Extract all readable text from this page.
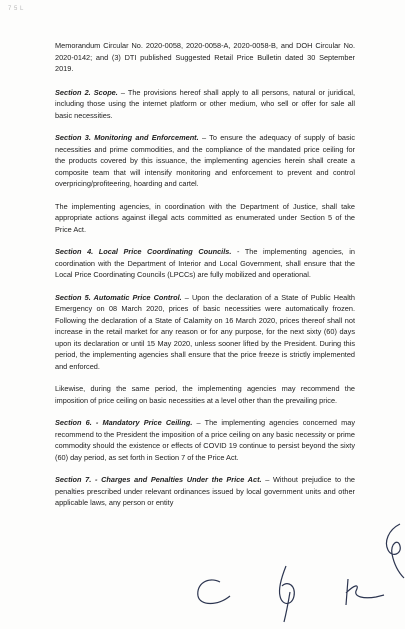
7 5 L

Memorandum Circular No. 2020-0058, 2020-0058-A, 2020-0058-B, and DOH Circular No. 2020-0142; and (3) DTI published Suggested Retail Price Bulletin dated 30 September 2019.

Section 2. Scope. – The provisions hereof shall apply to all persons, natural or juridical, including those using the internet platform or other medium, who sell or offer for sale all basic necessities.

Section 3. Monitoring and Enforcement. – To ensure the adequacy of supply of basic necessities and prime commodities, and the compliance of the mandated price ceiling for the products covered by this issuance, the implementing agencies herein shall create a composite team that will intensify monitoring and enforcement to prevent and control overpricing/profiteering, hoarding and cartel.

The implementing agencies, in coordination with the Department of Justice, shall take appropriate actions against illegal acts committed as enumerated under Section 5 of the Price Act.

Section 4. Local Price Coordinating Councils. - The implementing agencies, in coordination with the Department of Interior and Local Government, shall ensure that the Local Price Coordinating Councils (LPCCs) are fully mobilized and operational.

Section 5. Automatic Price Control. – Upon the declaration of a State of Public Health Emergency on 08 March 2020, prices of basic necessities were automatically frozen. Following the declaration of a State of Calamity on 16 March 2020, prices thereof shall not increase in the retail market for any reason or for any purpose, for the next sixty (60) days upon its declaration or until 15 May 2020, unless sooner lifted by the President. During this period, the implementing agencies shall ensure that the price freeze is strictly implemented and enforced.

Likewise, during the same period, the implementing agencies may recommend the imposition of price ceiling on basic necessities at a level other than the prevailing price.

Section 6. - Mandatory Price Ceiling. – The implementing agencies concerned may recommend to the President the imposition of a price ceiling on any basic necessity or prime commodity should the existence or effects of COVID 19 continue to persist beyond the sixty (60) day period, as set forth in Section 7 of the Price Act.

Section 7. - Charges and Penalties Under the Price Act. – Without prejudice to the penalties prescribed under relevant ordinances issued by local government units and other applicable laws, any person or entity
